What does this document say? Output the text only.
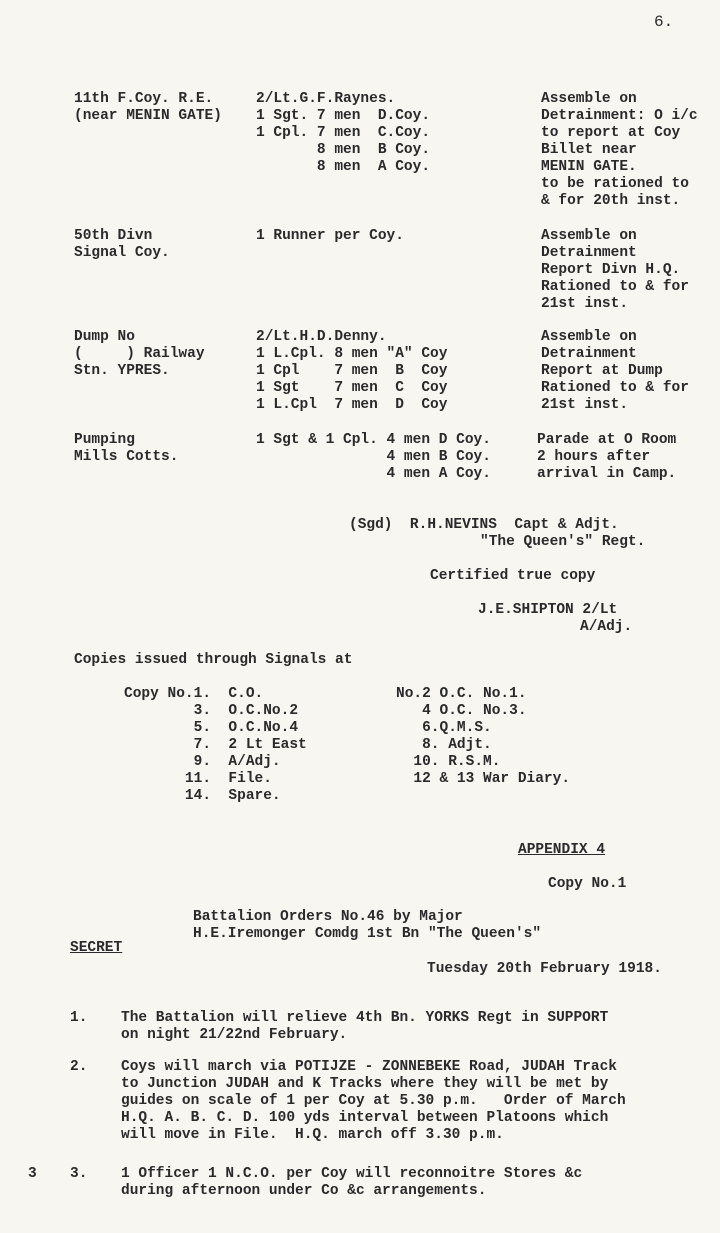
6.
11th F.Coy. R.E.
(near MENIN GATE)
2/Lt.G.F.Raynes.
1 Sgt. 7 men  D.Coy.
1 Cpl. 7 men  C.Coy.
8 men  B Coy.
8 men  A Coy.
Assemble on
Detrainment: O i/c
to report at Coy
Billet near
MENIN GATE.
to be rationed to
& for 20th inst.
50th Divn
Signal Coy.
1 Runner per Coy.	Assemble on
Detrainment
Report Divn H.Q.
Rationed to & for
21st inst.
Dump No
(     ) Railway
Stn. YPRES.
2/Lt.H.D.Denny.
1 L.Cpl. 8 men "A" Coy
1 Cpl    7 men  B  Coy
1 Sgt    7 men  C  Coy
1 L.Cpl  7 men  D  Coy
Assemble on
Detrainment
Report at Dump
Rationed to & for
21st inst.
Pumping
Mills Cotts.
1 Sgt & 1 Cpl. 4 men D Coy.
4 men B Coy.
4 men A Coy.
Parade at O Room
2 hours after
arrival in Camp.
(Sgd)  R.H.NEVINS  Capt & Adjt.
"The Queen's" Regt.
Certified true copy
J.E.SHIPTON 2/Lt
A/Adj.
Copies issued through Signals at
Copy No.1.  C.O.
3.  O.C.No.2
5.  O.C.No.4
7.  2 Lt East
9.  A/Adj.
11.  File.
14.  Spare.
No.2 O.C. No.1.
4 O.C. No.3.
6.Q.M.S.
8. Adjt.
10. R.S.M.
12 & 13 War Diary.
APPENDIX 4
Copy No.1
Battalion Orders No.46 by Major
H.E.Iremonger Comdg 1st Bn "The Queen's"
SECRET
Tuesday 20th February 1918.
1. The Battalion will relieve 4th Bn. YORKS Regt in SUPPORT
on night 21/22nd February.
2. Coys will march via POTIJZE - ZONNEBEKE Road, JUDAH Track
to Junction JUDAH and K Tracks where they will be met by
guides on scale of 1 per Coy at 5.30 p.m.   Order of March
H.Q. A. B. C. D. 100 yds interval between Platoons which
will move in File.  H.Q. march off 3.30 p.m.
3 3. 1 Officer 1 N.C.O. per Coy will reconnoitre Stores &c
during afternoon under Co &c arrangements.
